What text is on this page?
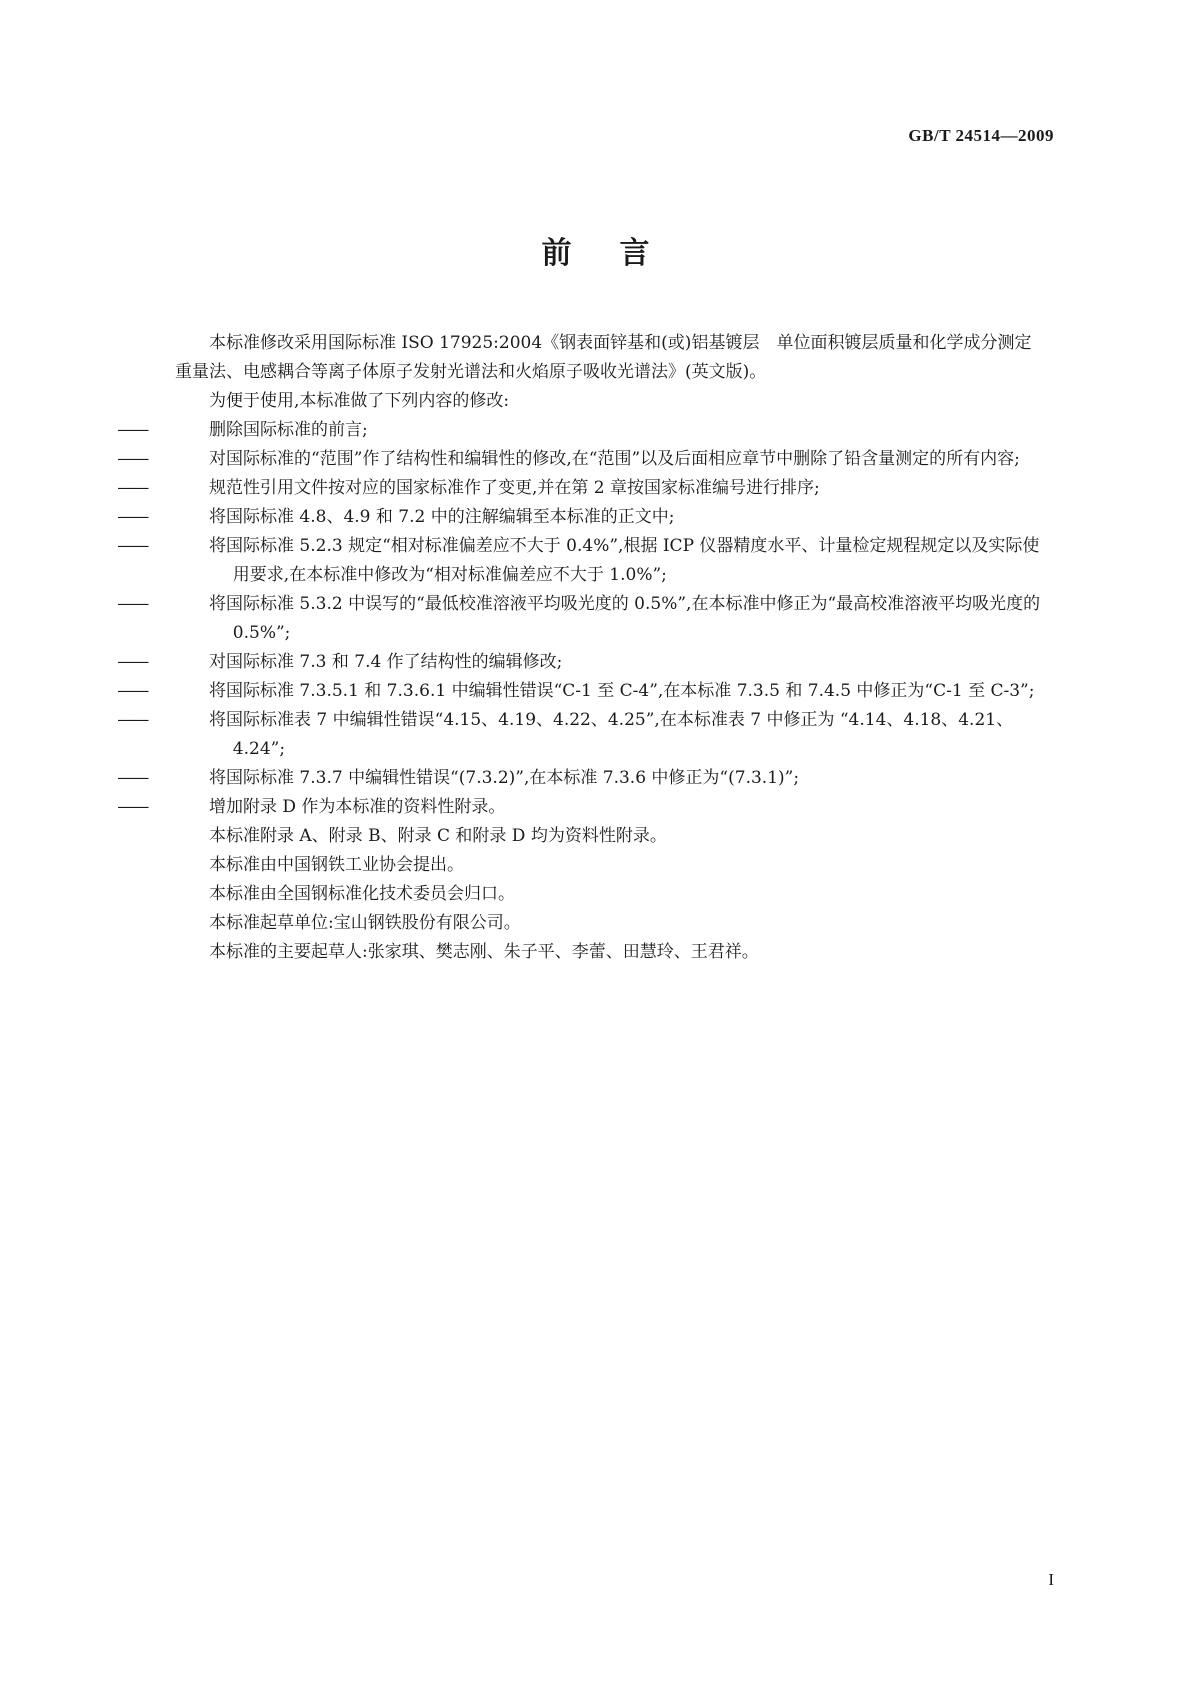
GB/T 24514—2009
前言

本标准修改采用国际标准 ISO 17925:2004《钢表面锌基和(或)铝基镀层　单位面积镀层质量和化学成分测定　重量法、电感耦合等离子体原子发射光谱法和火焰原子吸收光谱法》(英文版)。

为便于使用,本标准做了下列内容的修改:

——	删除国际标准的前言;

——	对国际标准的“范围”作了结构性和编辑性的修改,在“范围”以及后面相应章节中删除了铅含量测定的所有内容;

——	规范性引用文件按对应的国家标准作了变更,并在第 2 章按国家标准编号进行排序;

——	将国际标准 4.8、4.9 和 7.2 中的注解编辑至本标准的正文中;

——	将国际标准 5.2.3 规定“相对标准偏差应不大于 0.4%”,根据 ICP 仪器精度水平、计量检定规程规定以及实际使用要求,在本标准中修改为“相对标准偏差应不大于 1.0%”;

——	将国际标准 5.3.2 中误写的“最低校准溶液平均吸光度的 0.5%”,在本标准中修正为“最高校准溶液平均吸光度的 0.5%”;

——	对国际标准 7.3 和 7.4 作了结构性的编辑修改;

——	将国际标准 7.3.5.1 和 7.3.6.1 中编辑性错误“C-1 至 C-4”,在本标准 7.3.5 和 7.4.5 中修正为“C-1 至 C-3”;

——	将国际标准表 7 中编辑性错误“4.15、4.19、4.22、4.25”,在本标准表 7 中修正为 “4.14、4.18、4.21、4.24”;

——	将国际标准 7.3.7 中编辑性错误“(7.3.2)”,在本标准 7.3.6 中修正为“(7.3.1)”;

——	增加附录 D 作为本标准的资料性附录。

本标准附录 A、附录 B、附录 C 和附录 D 均为资料性附录。

本标准由中国钢铁工业协会提出。

本标准由全国钢标准化技术委员会归口。

本标准起草单位:宝山钢铁股份有限公司。

本标准的主要起草人:张家琪、樊志刚、朱子平、李蕾、田慧玲、王君祥。

I
